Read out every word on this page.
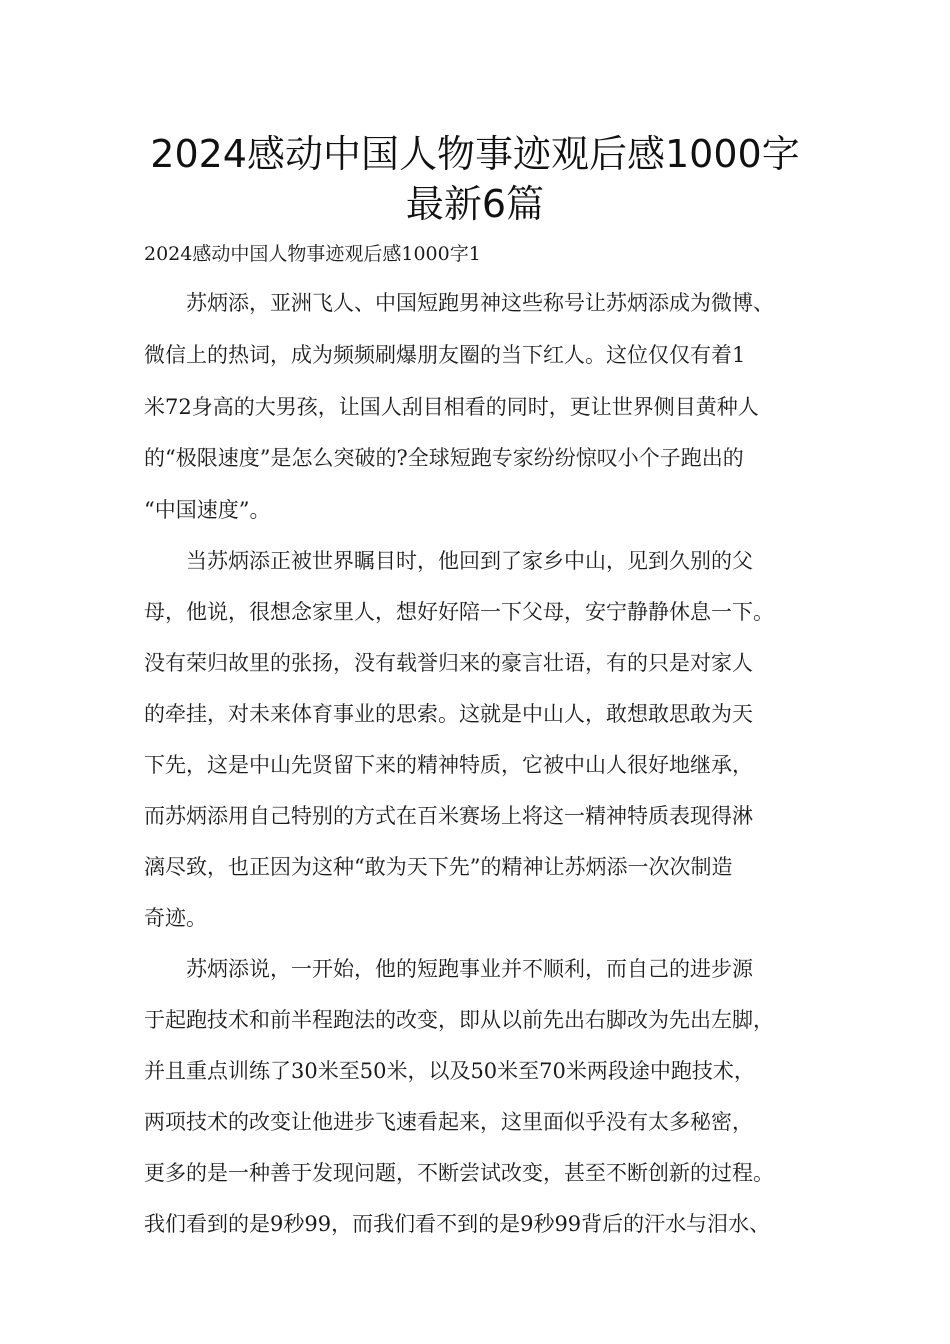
2024感动中国人物事迹观后感1000字
最新6篇

2024感动中国人物事迹观后感1000字1

　　苏炳添，亚洲飞人、中国短跑男神这些称号让苏炳添成为微博、

微信上的热词，成为频频刷爆朋友圈的当下红人。这位仅仅有着1

米72身高的大男孩，让国人刮目相看的同时，更让世界侧目黄种人

的“极限速度”是怎么突破的?全球短跑专家纷纷惊叹小个子跑出的

“中国速度”。

　　当苏炳添正被世界瞩目时，他回到了家乡中山，见到久别的父

母，他说，很想念家里人，想好好陪一下父母，安宁静静休息一下。

没有荣归故里的张扬，没有载誉归来的豪言壮语，有的只是对家人

的牵挂，对未来体育事业的思索。这就是中山人，敢想敢思敢为天

下先，这是中山先贤留下来的精神特质，它被中山人很好地继承，

而苏炳添用自己特别的方式在百米赛场上将这一精神特质表现得淋

漓尽致，也正因为这种“敢为天下先”的精神让苏炳添一次次制造

奇迹。

　　苏炳添说，一开始，他的短跑事业并不顺利，而自己的进步源

于起跑技术和前半程跑法的改变，即从以前先出右脚改为先出左脚，

并且重点训练了30米至50米，以及50米至70米两段途中跑技术，

两项技术的改变让他进步飞速看起来，这里面似乎没有太多秘密，

更多的是一种善于发现问题，不断尝试改变，甚至不断创新的过程。

我们看到的是9秒99，而我们看不到的是9秒99背后的汗水与泪水、
